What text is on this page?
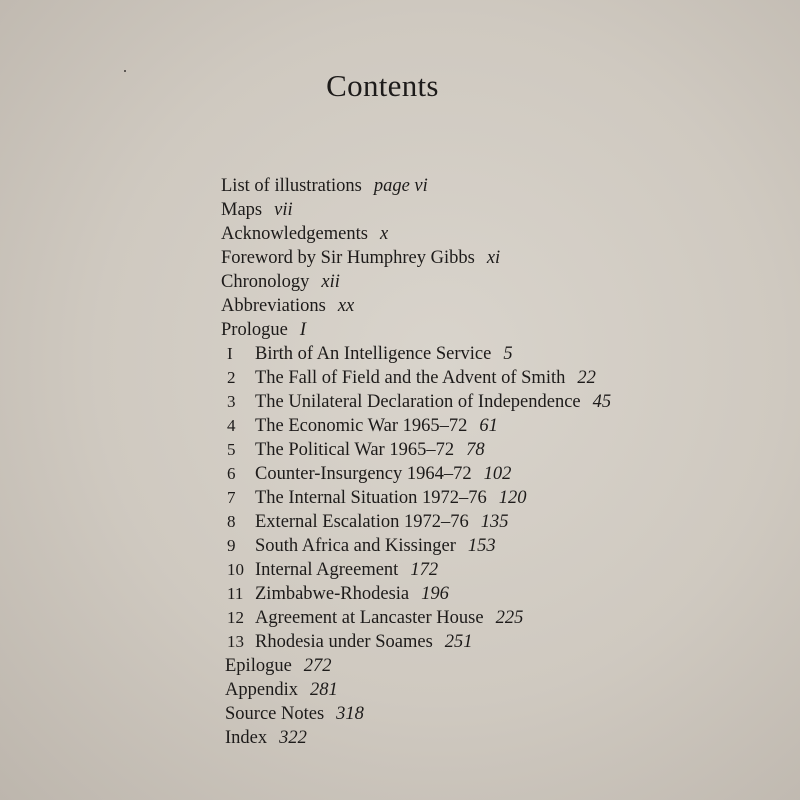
Contents
List of illustrations page vi
Maps vii
Acknowledgements x
Foreword by Sir Humphrey Gibbs xi
Chronology xii
Abbreviations xx
Prologue I
I Birth of An Intelligence Service 5
2 The Fall of Field and the Advent of Smith 22
3 The Unilateral Declaration of Independence 45
4 The Economic War 1965–72 61
5 The Political War 1965–72 78
6 Counter-Insurgency 1964–72 102
7 The Internal Situation 1972–76 120
8 External Escalation 1972–76 135
9 South Africa and Kissinger 153
10 Internal Agreement 172
11 Zimbabwe-Rhodesia 196
12 Agreement at Lancaster House 225
13 Rhodesia under Soames 251
Epilogue 272
Appendix 281
Source Notes 318
Index 322
